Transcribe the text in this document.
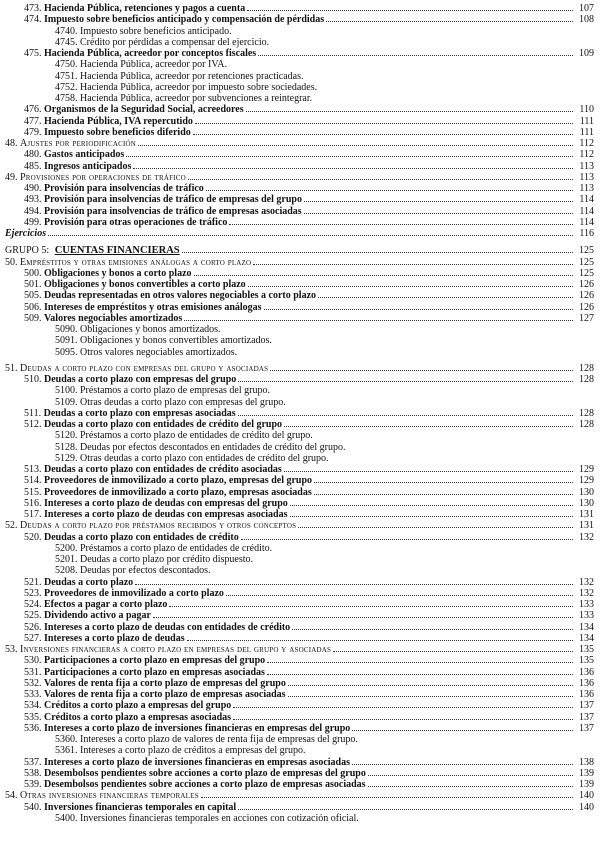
473. Hacienda Pública, retenciones y pagos a cuenta	107
474. Impuesto sobre beneficios anticipado y compensación de pérdidas	108
4740. Impuesto sobre beneficios anticipado.
4745. Crédito por pérdidas a compensar del ejercicio.
475. Hacienda Pública, acreedor por conceptos fiscales	109
4750. Hacienda Pública, acreedor por IVA.
4751. Hacienda Pública, acreedor por retenciones practicadas.
4752. Hacienda Pública, acreedor por impuesto sobre sociedades.
4758. Hacienda Pública, acreedor por subvenciones a reintegrar.
476. Organismos de la Seguridad Social, acreedores	110
477. Hacienda Pública, IVA repercutido	111
479. Impuesto sobre beneficios diferido	111
48. Ajustes por periodificación	112
480. Gastos anticipados	112
485. Ingresos anticipados	113
49. Provisiones por operaciones de tráfico	113
490. Provisión para insolvencias de tráfico	113
493. Provisión para insolvencias de tráfico de empresas del grupo	114
494. Provisión para insolvencias de tráfico de empresas asociadas	114
499. Provisión para otras operaciones de tráfico	114
Ejercicios	116
GRUPO 5: CUENTAS FINANCIERAS	125
50. Empréstitos y otras emisiones análogas a corto plazo	125
500. Obligaciones y bonos a corto plazo	125
501. Obligaciones y bonos convertibles a corto plazo	126
505. Deudas representadas en otros valores negociables a corto plazo	126
506. Intereses de empréstitos y otras emisiones análogas	126
509. Valores negociables amortizados	127
5090. Obligaciones y bonos amortizados.
5091. Obligaciones y bonos convertibles amortizados.
5095. Otros valores negociables amortizados.
51. Deudas a corto plazo con empresas del grupo y asociadas	128
510. Deudas a corto plazo con empresas del grupo	128
5100. Préstamos a corto plazo de empresas del grupo.
5109. Otras deudas a corto plazo con empresas del grupo.
511. Deudas a corto plazo con empresas asociadas	128
512. Deudas a corto plazo con entidades de crédito del grupo	128
5120. Préstamos a corto plazo de entidades de crédito del grupo.
5128. Deudas por efectos descontados en entidades de crédito del grupo.
5129. Otras deudas a corto plazo con entidades de crédito del grupo.
513. Deudas a corto plazo con entidades de crédito asociadas	129
514. Proveedores de inmovilizado a corto plazo, empresas del grupo	129
515. Proveedores de inmovilizado a corto plazo, empresas asociadas	130
516. Intereses a corto plazo de deudas con empresas del grupo	130
517. Intereses a corto plazo de deudas con empresas asociadas	131
52. Deudas a corto plazo por préstamos recibidos y otros conceptos	131
520. Deudas a corto plazo con entidades de crédito	132
5200. Préstamos a corto plazo de entidades de crédito.
5201. Deudas a corto plazo por crédito dispuesto.
5208. Deudas por efectos descontados.
521. Deudas a corto plazo	132
523. Proveedores de inmovilizado a corto plazo	132
524. Efectos a pagar a corto plazo	133
525. Dividendo activo a pagar	133
526. Intereses a corto plazo de deudas con entidades de crédito	134
527. Intereses a corto plazo de deudas	134
53. Inversiones financieras a corto plazo en empresas del grupo y asociadas	135
530. Participaciones a corto plazo en empresas del grupo	135
531. Participaciones a corto plazo en empresas asociadas	136
532. Valores de renta fija a corto plazo de empresas del grupo	136
533. Valores de renta fija a corto plazo de empresas asociadas	136
534. Créditos a corto plazo a empresas del grupo	137
535. Créditos a corto plazo a empresas asociadas	137
536. Intereses a corto plazo de inversiones financieras en empresas del grupo	137
5360. Intereses a corto plazo de valores de renta fija de empresas del grupo.
5361. Intereses a corto plazo de créditos a empresas del grupo.
537. Intereses a corto plazo de inversiones financieras en empresas asociadas	138
538. Desembolsos pendientes sobre acciones a corto plazo de empresas del grupo	139
539. Desembolsos pendientes sobre acciones a corto plazo de empresas asociadas	139
54. Otras inversiones financieras temporales	140
540. Inversiones financieras temporales en capital	140
5400. Inversiones financieras temporales en acciones con cotización oficial.
